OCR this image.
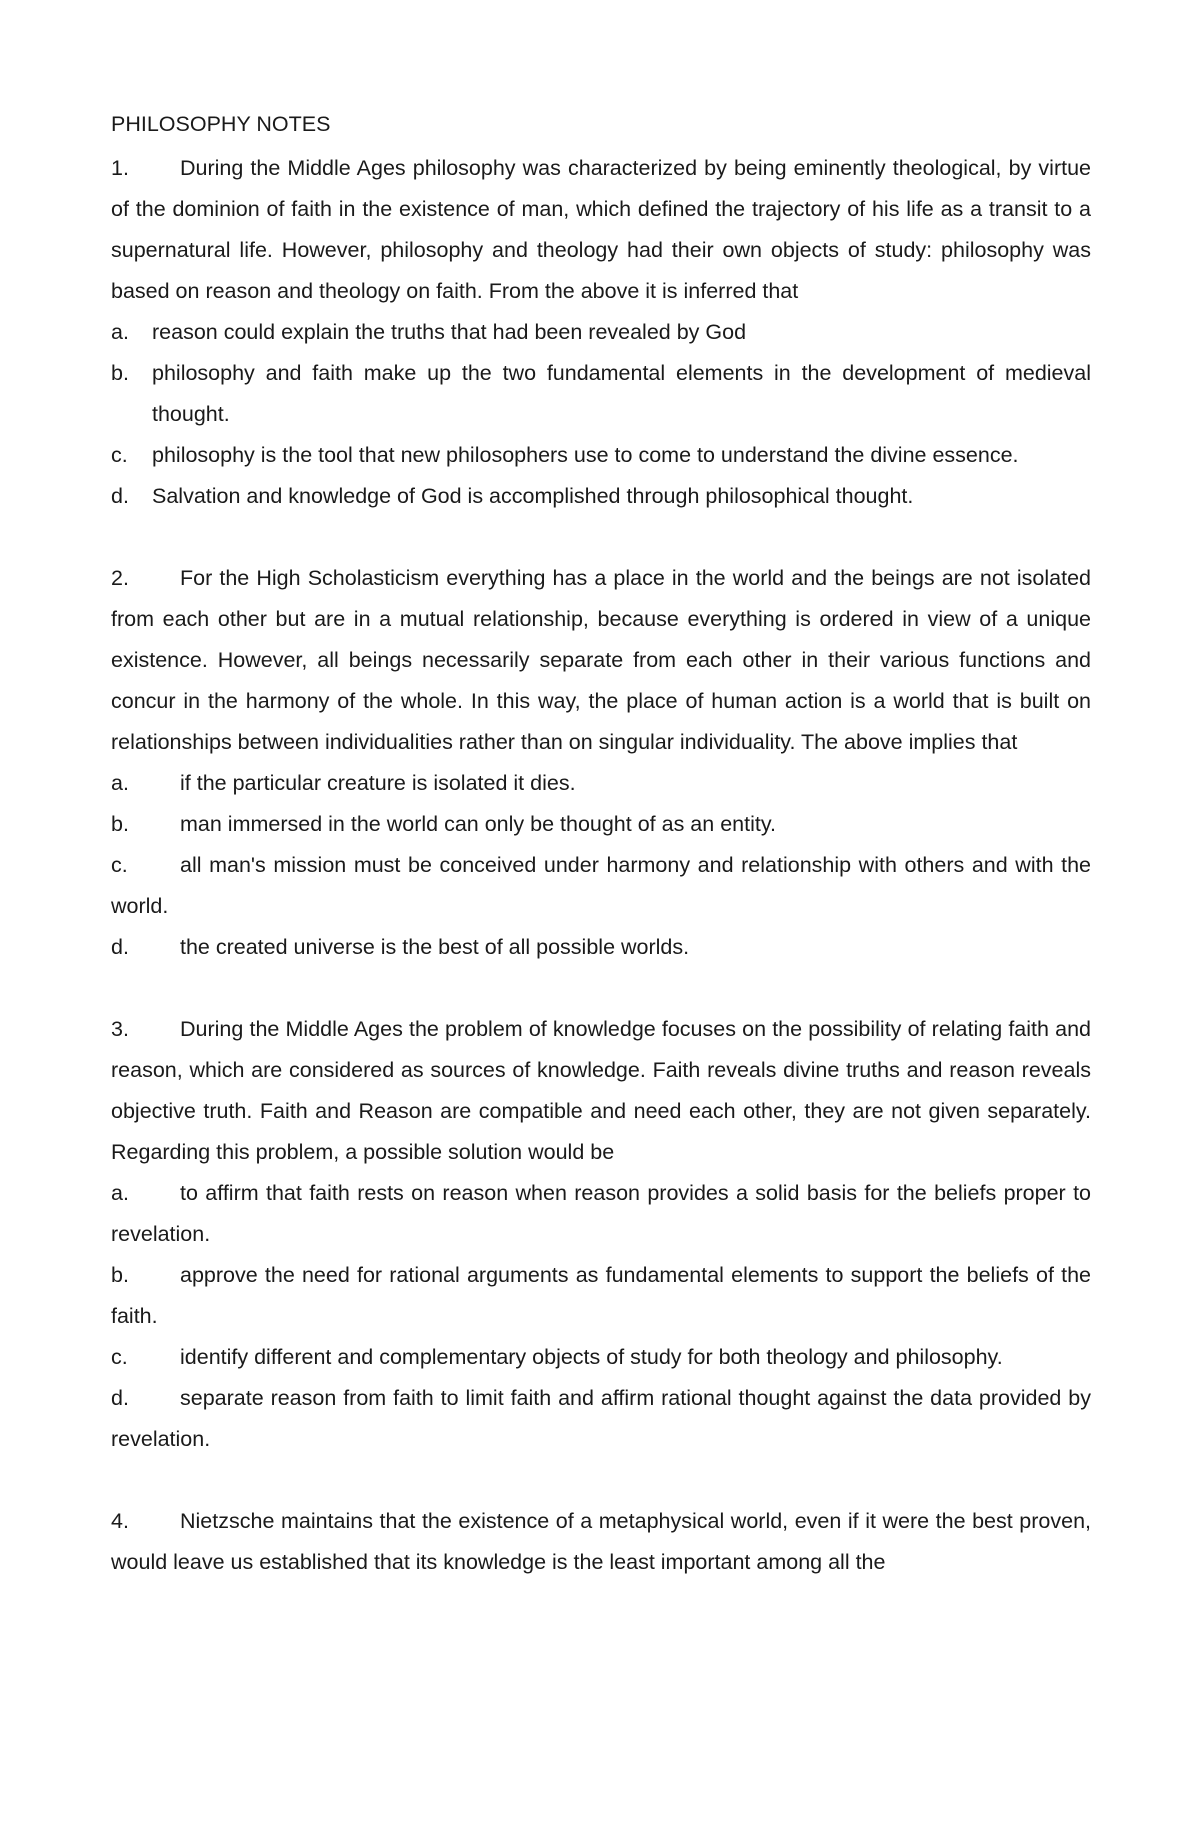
PHILOSOPHY NOTES

1. During the Middle Ages philosophy was characterized by being eminently theological, by virtue of the dominion of faith in the existence of man, which defined the trajectory of his life as a transit to a supernatural life. However, philosophy and theology had their own objects of study: philosophy was based on reason and theology on faith. From the above it is inferred that

a.	reason could explain the truths that had been revealed by God
b.	philosophy and faith make up the two fundamental elements in the development of medieval thought.
c.	philosophy is the tool that new philosophers use to come to understand the divine essence.
d.	Salvation and knowledge of God is accomplished through philosophical thought.

2. For the High Scholasticism everything has a place in the world and the beings are not isolated from each other but are in a mutual relationship, because everything is ordered in view of a unique existence. However, all beings necessarily separate from each other in their various functions and concur in the harmony of the whole. In this way, the place of human action is a world that is built on relationships between individualities rather than on singular individuality. The above implies that

a. if the particular creature is isolated it dies.
b. man immersed in the world can only be thought of as an entity.
c. all man's mission must be conceived under harmony and relationship with others and with the world.
d. the created universe is the best of all possible worlds.

3. During the Middle Ages the problem of knowledge focuses on the possibility of relating faith and reason, which are considered as sources of knowledge. Faith reveals divine truths and reason reveals objective truth. Faith and Reason are compatible and need each other, they are not given separately. Regarding this problem, a possible solution would be

a. to affirm that faith rests on reason when reason provides a solid basis for the beliefs proper to revelation.
b. approve the need for rational arguments as fundamental elements to support the beliefs of the faith.
c. identify different and complementary objects of study for both theology and philosophy.
d. separate reason from faith to limit faith and affirm rational thought against the data provided by revelation.

4. Nietzsche maintains that the existence of a metaphysical world, even if it were the best proven, would leave us established that its knowledge is the least important among all the
